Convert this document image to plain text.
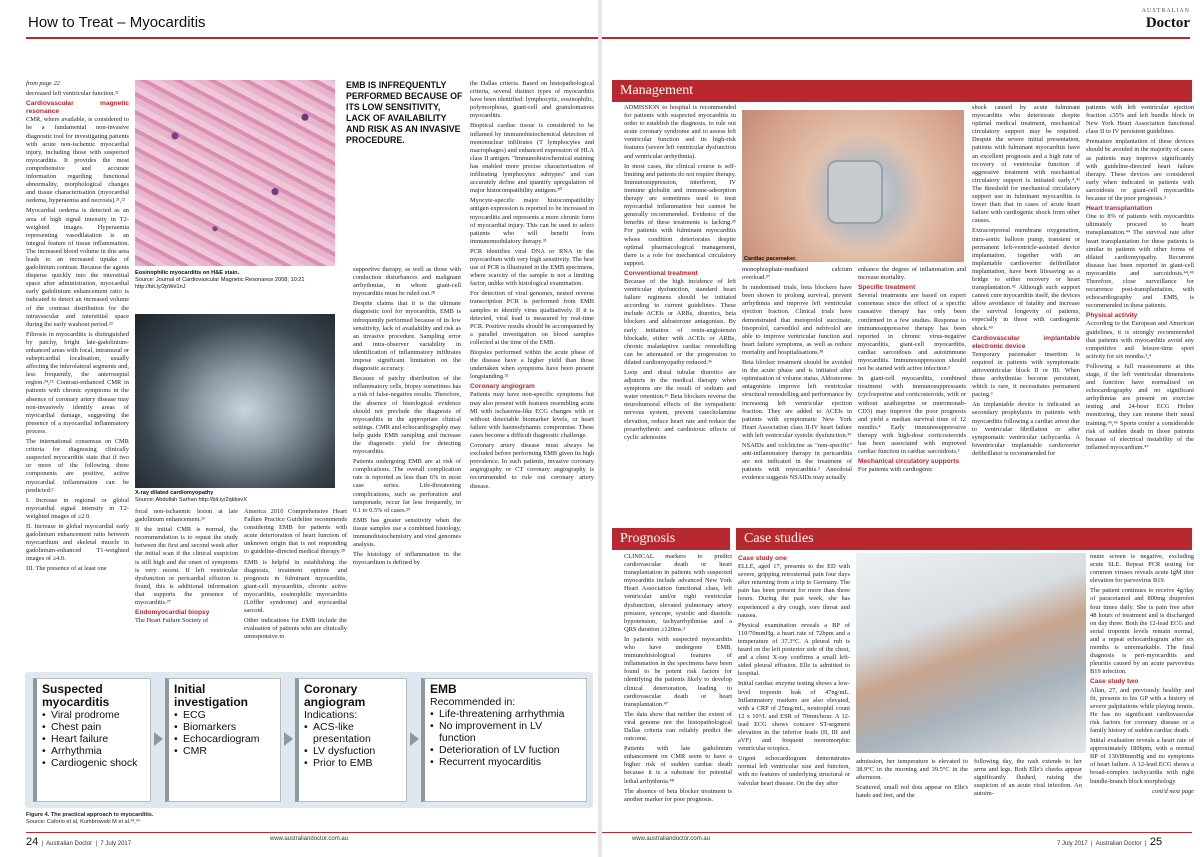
How to Treat – Myocarditis

from page 22

decreased left ventricular function.²¹

Cardiovascular magnetic resonance

CMR, where available, is considered to be a fundamental non-invasive diagnostic tool for investigating patients with acute non-ischemic myocardial injury, including those with suspected myocarditis. It provides the most comprehensive and accurate information regarding functional abnormality, morphological changes and tissue characterisation (myocardial oedema, hyperaemia and necrosis).²¹,²²

Myocardial oedema is detected as an area of high signal intensity in T2-weighted images. Hyperaemia representing vasodilatation is an integral feature of tissue inflammation. The increased blood volume in this area leads to an increased uptake of gadolinium contrast. Because the agents disperse quickly into the interstitial space after administration, myocardial early gadolinium enhancement ratio is indicated to detect an increased volume of the contrast distribution for the intravascular and interstitial space during the early washout period.²³

Fibrosis in myocarditis is distinguished by patchy, bright late-gadolinium-enhanced areas with focal, intramural or subepicardial localisation, usually affecting the inferolateral segments and, less frequently, the anteroseptal region.²⁴,²⁵ Contrast-enhanced CMR in patients with chronic symptoms in the absence of coronary artery disease may non-invasively identify areas of myocardial damage, suggesting the presence of a myocardial inflammatory process.

The international consensus on CMR criteria for diagnosing clinically suspected myocarditis state that if two or more of the following three components are positive, active myocardial inflammation can be predicted:²

I. Increase in regional or global myocardial signal intensity in T2-weighted images of ≥2.0.

II. Increase in global myocardial early gadolinium enhancement ratio between myocardium and skeletal muscle in gadolinium-enhanced T1-weighted images of ≥4.0.

III. The presence of at least one

Eosinophilic myocarditis on H&E stain.
Source: Journal of Cardiovascular Magnetic Resonance 2008; 10:21 http://bit.ly/2pWe1nJ
X-ray dilated cardiomyopathy
Source: Abdullah Sarhan http://bit.ly/2qkbsvX

focal non-ischaemic lesion at late gadolinium enhancement.²⁶

If the initial CMR is normal, the recommendation is to repeat the study between the first and second week after the initial scan if the clinical suspicion is still high and the onset of symptoms is very recent. If left ventricular dysfunction or pericardial effusion is found, this is additional information that supports the presence of myocarditis.²⁷

Endomyocardial biopsy

The Heart Failure Society of

America 2010 Comprehensive Heart Failure Practice Guideline recommends considering EMB for patients with acute deterioration of heart function of unknown origin that is not responding to guideline-directed medical therapy.²⁸

EMB is helpful in establishing the diagnosis, treatment options and prognosis in fulminant myocarditis, giant-cell myocarditis, chronic active myocarditis, eosinophilic myocarditis (Löffler syndrome) and myocardial sarcoid.

Other indications for EMB include the evaluation of patients who are clinically unresponsive to

EMB IS INFREQUENTLY PERFORMED BECAUSE OF ITS LOW SENSITIVITY, LACK OF AVAILABILITY AND RISK AS AN INVASIVE PROCEDURE.

supportive therapy, as well as those with conduction disturbances and malignant arrhythmias, in whom giant-cell myocarditis must be ruled out.²⁸

Despite claims that it is the ultimate diagnostic tool for myocarditis, EMB is infrequently performed because of its low sensitivity, lack of availability and risk as an invasive procedure. Sampling error and intra-observer variability in identification of inflammatory infiltrates impose significant limitation on the diagnostic accuracy.

Because of patchy distribution of the inflammatory cells, biopsy sometimes has a risk of false-negative results. Therefore, the absence of histological evidence should not preclude the diagnosis of myocarditis in the appropriate clinical settings. CMR and echocardiography may help guide EMB sampling and increase the diagnostic yield for detecting myocarditis.

Patients undergoing EMB are at risk of complications. The overall complication rate is reported as less than 6% in most case series. Life-threatening complications, such as perforation and tamponade, occur far less frequently, in 0.1 to 0.5% of cases.²⁹

EMB has greater sensitivity when the tissue samples use a combined histology, immunohistochemistry and viral genomes analysis.

The histology of inflammation in the myocardium is defined by

the Dallas criteria. Based on histopathological criteria, several distinct types of myocarditis have been identified: lymphocytic, eosinophilic, polymorphous, giant-cell and granulomatous myocarditis.

Bioptical cardiac tissue is considered to be inflamed by immunohistochemical detection of mononuclear infiltrates (T lymphocytes and macrophages) and enhanced expression of HLA class II antigen. "Immunohistochemical staining has enabled more precise characterisation of infiltrating lymphocytes subtypes" and can accurately define and quantify upregulation of major histocompatibility antigens.³⁰

Myocyte-specific major histocompatibility antigen expression is reported to be increased in myocarditis and represents a more chronic form of myocardial injury. This can be used to select patients who will benefit from immunomodulatory therapy.³¹

PCR identifies viral DNA or RNA in the myocardium with very high sensitivity. The best use of PCR is illustrated in the EMB specimens, where scarcity of the sample is not a limiting factor, unlike with histological examination.

For detection of viral genomes, nested reverse transcription PCR is performed from EMB samples to identify virus qualitatively. If it is detected, viral load is measured by real-time PCR. Positive results should be accompanied by a parallel investigation on blood samples collected at the time of the EMB.

Biopsies performed within the acute phase of the disease have a higher yield than those undertaken when symptoms have been present longstanding.³²

Coronary angiogram

Patients may have non-specific symptoms but may also present with features resembling acute MI with ischaemia-like ECG changes with or without detectable biomarker levels, or heart failure with haemodynamic compromise. These cases become a difficult diagnostic challenge.

Coronary artery disease must always be excluded before performing EMB given its high prevalence. In such patients, invasive coronary angiography or CT coronary angiography is recommended to rule out coronary artery disease.

Suspected myocarditis
• Viral prodrome
• Chest pain
• Heart failure
• Arrhythmia
• Cardiogenic shock
Initial investigation
• ECG
• Biomarkers
• Echocardiogram
• CMR
Coronary angiogram
Indications:
• ACS-like presentation
• LV dysfuction
• Prior to EMB
EMB
Recommended in:
• Life-threatening arrhythmia
• No improvement in LV function
• Deterioration of LV fuction
• Recurrent myocarditis
Figure 4. The practical approach to myocarditis.
Source: Caforio et al, Kumbrowski M et al.³³,³⁴
24  |  Australian Doctor  |  7 July 2017
www.australiandoctor.com.au
AUSTRALIAN
Doctor
Management

ADMISSION to hospital is recommended for patients with suspected myocarditis in order to establish the diagnosis, to rule out acute coronary syndrome and to assess left ventricular function and its high-risk features (severe left ventricular dysfunction and ventricular arrhythmia).

In most cases, the clinical course is self-limiting and patients do not require therapy. Immunosuppression, interferon, IV immune globulin and immune-adsorption therapy are sometimes used to treat myocardial inflammation but cannot be generally recommended. Evidence of the benefits of these treatments is lacking.³⁵ For patients with fulminant myocarditis whose condition deteriorates despite optimal pharmacological management, there is a role for mechanical circulatory support.

Conventional treatment

Because of the high incidence of left ventricular dysfunction, standard heart failure regimens should be initiated according to current guidelines. These include ACEIs or ARBs, diuretics, beta blockers and aldosterone antagonists. By early initiation of renin-angiotensin blockade, either with ACEIs or ARBs, chronic maladaptive cardiac remodelling can be attenuated or the progression to dilated cardiomyopathy reduced.³⁶

Loop and distal tubular diuretics are adjuncts in the medical therapy when symptoms are the result of sodium and water retention.³⁶ Beta blockers reverse the neurohumoral effects of the sympathetic nervous system, prevent catecholamine elevation, reduce heart rate and reduce the proarrhythmic and cardiotoxic effects of cyclic adenosine

Cardiac pacemaker.

monophosphate-mediated calcium overload.³⁷

In randomised trials, beta blockers have been shown to prolong survival, prevent arrhythmia and improve left ventricular ejection fraction. Clinical trials have demonstrated that metoprolol succinate, bisoprolol, carvedilol and nebivolol are able to improve ventricular function and heart failure symptoms, as well as reduce mortality and hospitalisations.³⁸

Beta blocker treatment should be avoided in the acute phase and is initiated after optimisation of volume status. Aldosterone antagonists improve left ventricular structural remodelling and performance by increasing left ventricular ejection fraction. They are added to ACEIs in patients with symptomatic New York Heart Association class II-IV heart failure with left ventricular systolic dysfunction.³⁹

NSAIDs and colchicine as "non-specific" anti-inflammatory therapy in pericarditis are not indicated in the treatment of patients with myocarditis.³ Anecdotal evidence suggests NSAIDs may actually

enhance the degree of inflammation and increase mortality.

Specific treatment

Several treatments are based on expert consensus since the effect of a specific causative therapy has only been confirmed in a few studies. Response to immunosuppressive therapy has been reported in chronic virus-negative myocarditis, giant-cell myocarditis, cardiac sarcoidosis and autoimmune myocarditis. Immunosuppression should not be started with active infection.³

In giant-cell myocarditis, combined treatment with immunosuppressants (cyclosporine and corticosteroids, with or without azathioprine or muromonab-CD3) may improve the poor prognosis and yield a median survival time of 12 months.⁴ Early immunosuppressive therapy with high-dose corticosteroids has been associated with improved cardiac function in cardiac sarcoidosis.³

Mechanical circulatory supports

For patients with cardiogenic

shock caused by acute fulminant myocarditis who deteriorate despite optimal medical treatment, mechanical circulatory support may be required. Despite the severe initial presentation, patients with fulminant myocarditis have an excellent prognosis and a high rate of recovery of ventricular function if aggressive treatment with mechanical circulatory support is initiated early.⁴,⁴¹ The threshold for mechanical circulatory support use in fulminant myocarditis is lower than that in cases of acute heart failure with cardiogenic shock from other causes.

Extracorporeal membrane oxygenation, intra-aortic balloon pump, transient or permanent left-ventricle-assisted device implantation, together with an implantable cardioverter defibrillator implantation, have been lifesaving as a bridge to either recovery or heart transplantation.⁴² Although such support cannot cure myocarditis itself, the devices allow avoidance of fatality and increase the survival longevity of patients, especially in those with cardiogenic shock.⁴³

Cardiovascular implantable electronic device

Temporary pacemaker insertion is required in patients with symptomatic atrioventricular block II or III. When these arrhythmias become persistent, which is rare, it necessitates permanent pacing.³

An implantable device is indicated as secondary prophylaxis in patients with myocarditis following a cardiac arrest due to ventricular fibrillation or after symptomatic ventricular tachycardia. A biventricular implantable cardioverter defibrillator is recommended for

patients with left ventricular ejection fraction ≤35% and left bundle block in New York Heart Association functional class II to IV persistent guidelines.

Premature implantation of these devices should be avoided in the majority of cases as patients may improve significantly with guideline-directed heart failure therapy. These devices are considered early when indicated in patients with sarcoidosis or giant-cell myocarditis because of the poor prognosis.³

Heart transplantation

One to 8% of patients with myocarditis ultimately proceed to heart transplantation.⁴⁴ The survival rate after heart transplantation for these patients is similar to patients with other forms of dilated cardiomyopathy. Recurrent disease has been reported in giant-cell myocarditis and sarcoidosis.⁴⁴,⁴⁵ Therefore, close surveillance for recurrence post-transplantation, with echocardiography and EMB, is recommended in these patients.

Physical activity

According to the European and American guidelines, it is strongly recommended that patients with myocarditis avoid any competitive and leisure-time sport activity for six months.³,⁴

Following a full reassessment at this stage, if the left ventricular dimensions and function have normalised on echocardiography and no significant arrhythmias are present on exercise testing and 24-hour ECG Holter monitoring, they can resume their usual training.⁴⁵,⁴⁶ Sports confer a considerable risk of sudden death in those patients because of electrical instability of the inflamed myocardium.⁴⁷

Prognosis

CLINICAL markers to predict cardiovascular death or heart transplantation in patients with suspected myocarditis include advanced New York Heart Association functional class, left ventricular and/or right ventricular dysfunction, elevated pulmonary artery pressure, syncope, systolic and diastolic hypotension, tachyarrhythmias and a QRS duration ≥120ms.³

In patients with suspected myocarditis who have undergone EMB, immunohistological features of inflammation in the specimens have been found to be potent risk factors for identifying the patients likely to develop clinical deterioration, leading to cardiovascular death or heart transplantation.⁴⁷

The data show that neither the extent of viral genome nor the histopathological Dallas criteria can reliably predict the outcome.

Patients with late gadolinium enhancement on CMR seem to have a higher risk of sudden cardiac death because it is a substrate for potential lethal arrhythmia.⁴⁸

The absence of beta blocker treatment is another marker for poor prognosis.

Case studies
Case study one

ELLE, aged 17, presents to the ED with severe, gripping retrosternal pain four days after returning from a trip to Germany. The pain has been present for more than three hours. During the past week, she has experienced a dry cough, sore throat and nausea.

Physical examination reveals a BP of 110/70mmHg, a heart rate of 72bpm and a temperature of 37.3°C. A pleural rub is heard on the left posterior side of the chest, and a chest X-ray confirms a small left-sided pleural effusion. Elle is admitted to hospital.

Initial cardiac enzyme testing shows a low-level troponin leak of 47ng/mL. Inflammatory markers are also elevated, with a CRP of 25mg/mL, neutrophil count 12 x 10⁹/L and ESR of 70mm/hour. A 12-lead ECG shows concave ST-segment elevation in the inferior leads (II, III and aVF) and frequent monomorphic ventricular ectopics.

Urgent echocardiogram demonstrates normal left ventricular size and function, with no features of underlying structural or valvular heart disease. On the day after

admission, her temperature is elevated to 38.9°C in the morning and 39.5°C in the afternoon.

Scattered, small red dots appear on Elle's hands and feet, and the

following day, the rash extends to her arms and legs. Both Elle's cheeks appear significantly flushed, raising the suspicion of an acute viral infection. An autoim-

mune screen is negative, excluding acute SLE. Repeat PCR testing for common viruses reveals acute IgM titer elevation for parvovirus B19.

The patient continues to receive 4g/day of paracetamol and 800mg ibuprofen four times daily. She is pain free after 48 hours of treatment and is discharged on day three. Both the 12-lead ECG and serial troponin levels remain normal, and a repeat echocardiogram after six months is unremarkable. The final diagnosis is peri-myocarditis and pleuritis caused by an acute parvovirus B19 infection.

Case study two

Allan, 27, and previously healthy and fit, presents to his GP with a history of severe palpitations while playing tennis. He has no significant cardiovascular risk factors for coronary disease or a family history of sudden cardiac death.

Initial evaluation reveals a heart rate of approximately 180bpm, with a normal BP of 130/80mmHg and no symptoms of heart failure. A 12-lead ECG shows a broad-complex tachycardia with right bundle-branch block morphology

cont'd next page

www.australiandoctor.com.au
7 July 2017  |  Australian Doctor  |  25
